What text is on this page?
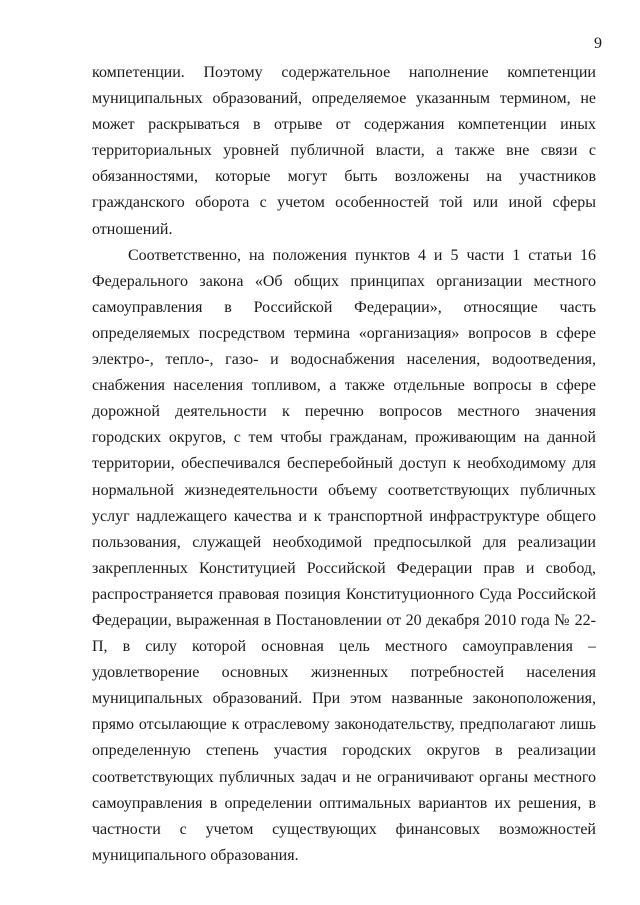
9

компетенции. Поэтому содержательное наполнение компетенции муниципальных образований, определяемое указанным термином, не может раскрываться в отрыве от содержания компетенции иных территориальных уровней публичной власти, а также вне связи с обязанностями, которые могут быть возложены на участников гражданского оборота с учетом особенностей той или иной сферы отношений.

Соответственно, на положения пунктов 4 и 5 части 1 статьи 16 Федерального закона «Об общих принципах организации местного самоуправления в Российской Федерации», относящие часть определяемых посредством термина «организация» вопросов в сфере электро-, тепло-, газо- и водоснабжения населения, водоотведения, снабжения населения топливом, а также отдельные вопросы в сфере дорожной деятельности к перечню вопросов местного значения городских округов, с тем чтобы гражданам, проживающим на данной территории, обеспечивался бесперебойный доступ к необходимому для нормальной жизнедеятельности объему соответствующих публичных услуг надлежащего качества и к транспортной инфраструктуре общего пользования, служащей необходимой предпосылкой для реализации закрепленных Конституцией Российской Федерации прав и свобод, распространяется правовая позиция Конституционного Суда Российской Федерации, выраженная в Постановлении от 20 декабря 2010 года № 22-П, в силу которой основная цель местного самоуправления – удовлетворение основных жизненных потребностей населения муниципальных образований. При этом названные законоположения, прямо отсылающие к отраслевому законодательству, предполагают лишь определенную степень участия городских округов в реализации соответствующих публичных задач и не ограничивают органы местного самоуправления в определении оптимальных вариантов их решения, в частности с учетом существующих финансовых возможностей муниципального образования.
